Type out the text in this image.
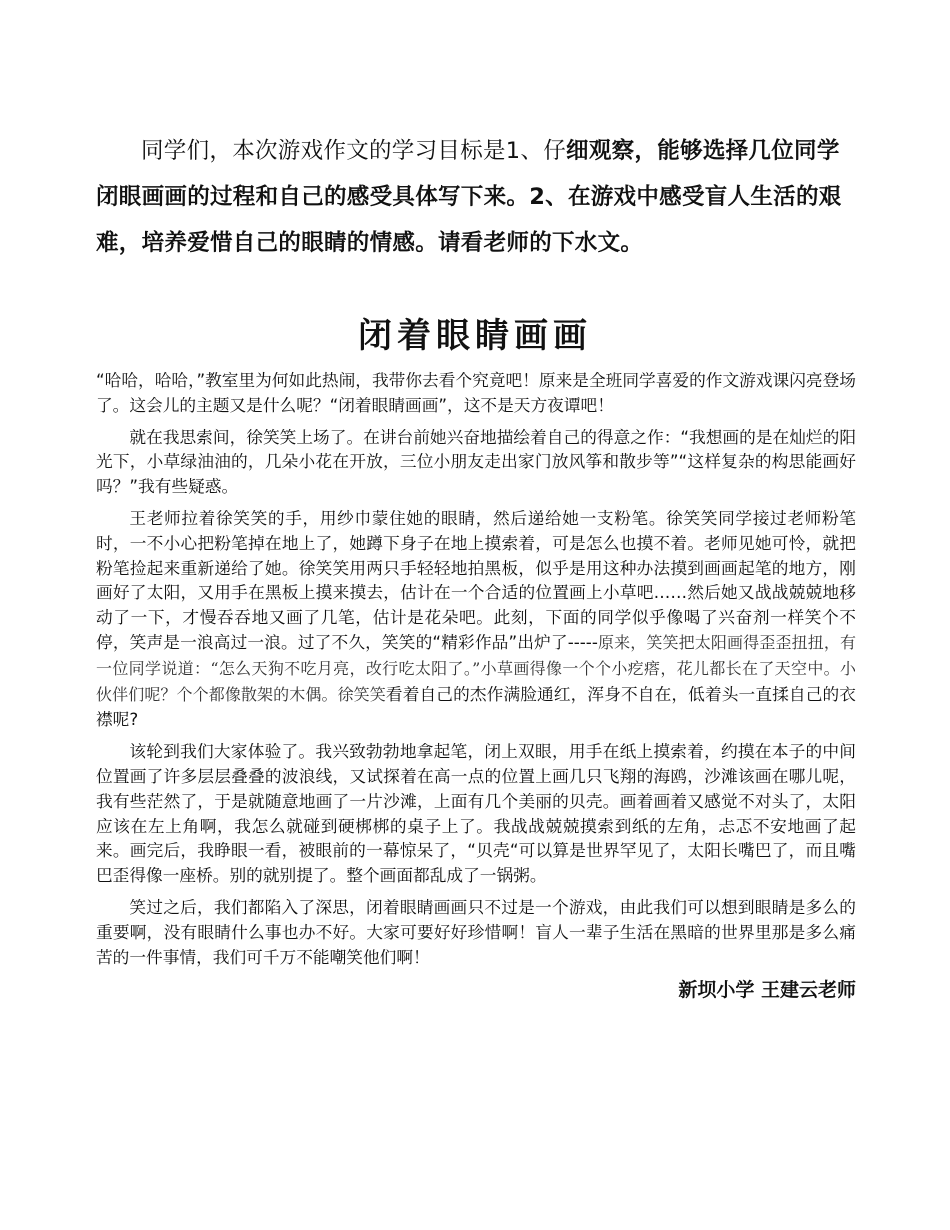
同学们，本次游戏作文的学习目标是1、仔细观察，能够选择几位同学闭眼画画的过程和自己的感受具体写下来。2、在游戏中感受盲人生活的艰难，培养爱惜自己的眼睛的情感。请看老师的下水文。

闭着眼睛画画

“哈哈，哈哈，”教室里为何如此热闹，我带你去看个究竟吧！原来是全班同学喜爱的作文游戏课闪亮登场了。这会儿的主题又是什么呢？“闭着眼睛画画”，这不是天方夜谭吧！

就在我思索间，徐笑笑上场了。在讲台前她兴奋地描绘着自己的得意之作：“我想画的是在灿烂的阳光下，小草绿油油的，几朵小花在开放，三位小朋友走出家门放风筝和散步等”“这样复杂的构思能画好吗？”我有些疑惑。

王老师拉着徐笑笑的手，用纱巾蒙住她的眼睛，然后递给她一支粉笔。徐笑笑同学接过老师粉笔时，一不小心把粉笔掉在地上了，她蹲下身子在地上摸索着，可是怎么也摸不着。老师见她可怜，就把粉笔捡起来重新递给了她。徐笑笑用两只手轻轻地拍黑板，似乎是用这种办法摸到画画起笔的地方，刚画好了太阳，又用手在黑板上摸来摸去，估计在一个合适的位置画上小草吧……然后她又战战兢兢地移动了一下，才慢吞吞地又画了几笔，估计是花朵吧。此刻，下面的同学似乎像喝了兴奋剂一样笑个不停，笑声是一浪高过一浪。过了不久，笑笑的“精彩作品”出炉了-----原来，笑笑把太阳画得歪歪扭扭，有一位同学说道：“怎么天狗不吃月亮，改行吃太阳了。”小草画得像一个个小疙瘩，花儿都长在了天空中。小伙伴们呢？个个都像散架的木偶。徐笑笑看着自己的杰作满脸通红，浑身不自在，低着头一直揉自己的衣襟呢?

该轮到我们大家体验了。我兴致勃勃地拿起笔，闭上双眼，用手在纸上摸索着，约摸在本子的中间位置画了许多层层叠叠的波浪线，又试探着在高一点的位置上画几只飞翔的海鸥，沙滩该画在哪儿呢，我有些茫然了，于是就随意地画了一片沙滩，上面有几个美丽的贝壳。画着画着又感觉不对头了，太阳应该在左上角啊，我怎么就碰到硬梆梆的桌子上了。我战战兢兢摸索到纸的左角，忐忑不安地画了起来。画完后，我睁眼一看，被眼前的一幕惊呆了，“贝壳“可以算是世界罕见了，太阳长嘴巴了，而且嘴巴歪得像一座桥。别的就别提了。整个画面都乱成了一锅粥。

笑过之后，我们都陷入了深思，闭着眼睛画画只不过是一个游戏，由此我们可以想到眼睛是多么的重要啊，没有眼睛什么事也办不好。大家可要好好珍惜啊！盲人一辈子生活在黑暗的世界里那是多么痛苦的一件事情，我们可千万不能嘲笑他们啊！

新坝小学 王建云老师
